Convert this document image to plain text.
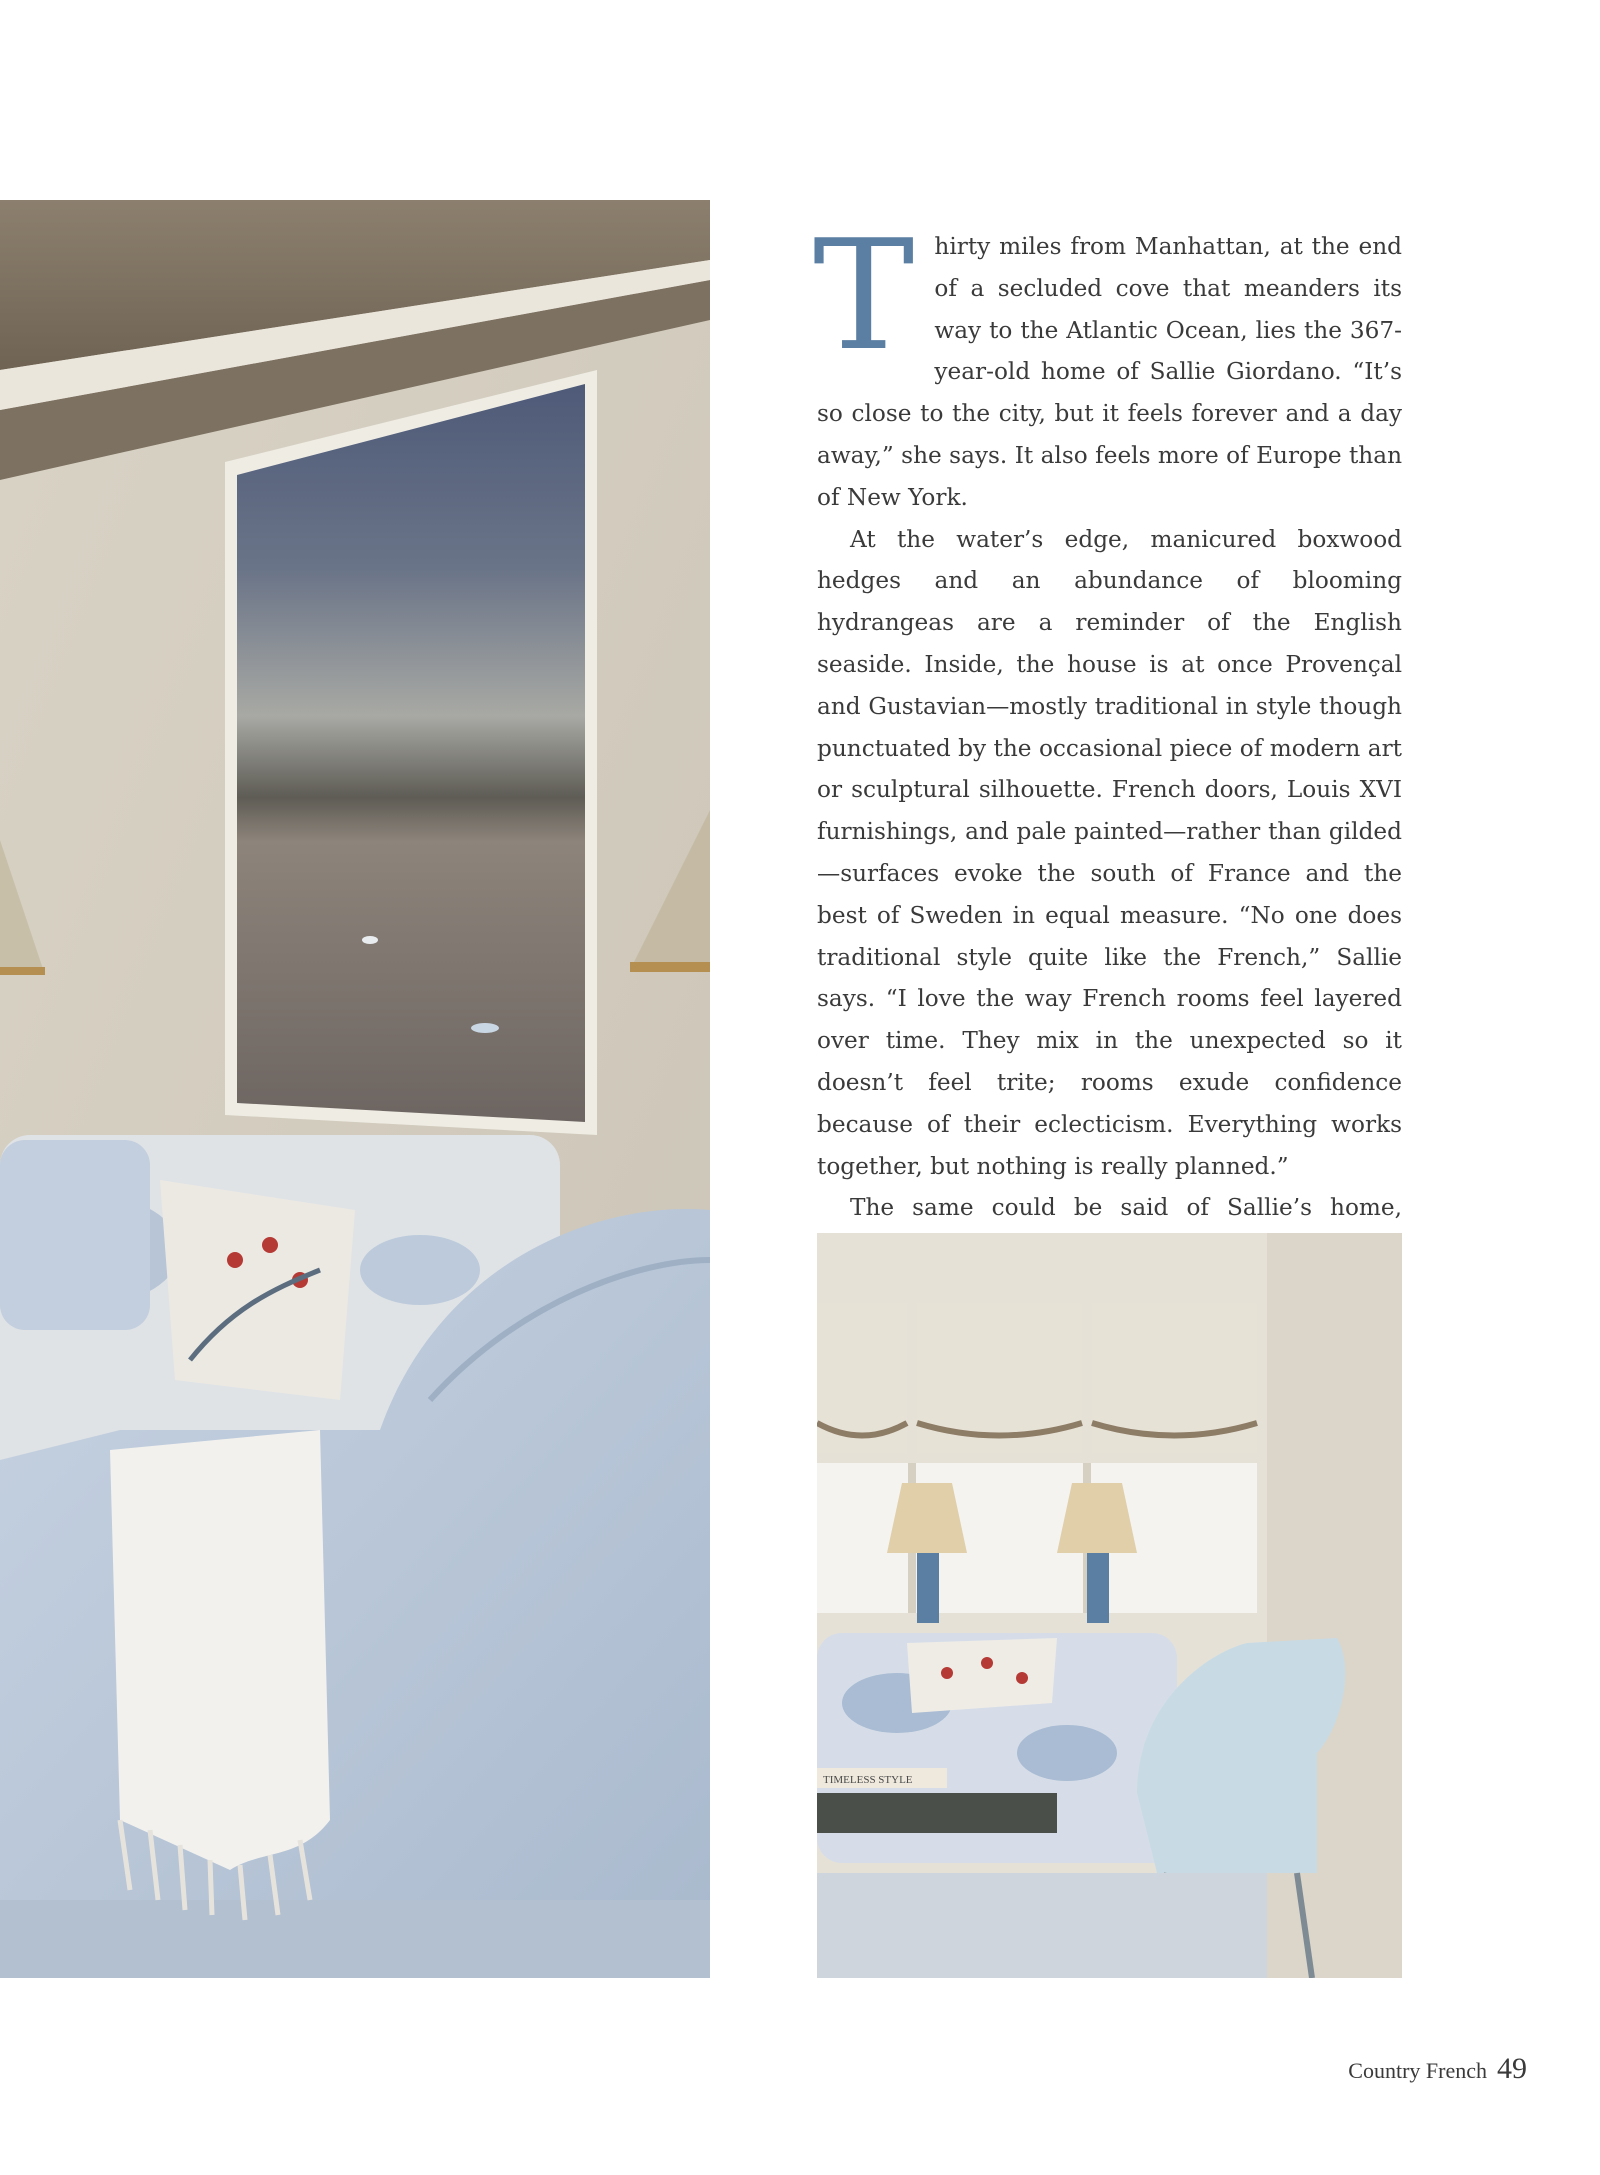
Thirty miles from Manhattan, at the end of a secluded cove that meanders its way to the Atlantic Ocean, lies the 367-year-old home of Sallie Giordano. “It’s so close to the city, but it feels forever and a day away,” she says. It also feels more of Europe than of New York.

At the water’s edge, manicured boxwood hedges and an abundance of blooming hydrangeas are a reminder of the English seaside. Inside, the house is at once Provençal and Gustavian—mostly traditional in style though punctuated by the occasional piece of modern art or sculptural silhouette. French doors, Louis XVI furnishings, and pale painted—rather than gilded—surfaces evoke the south of France and the best of Sweden in equal measure. “No one does traditional style quite like the French,” Sallie says. “I love the way French rooms feel layered over time. They mix in the unexpected so it doesn’t feel trite; rooms exude confidence because of their eclecticism. Everything works together, but nothing is really planned.”

The same could be said of Sallie’s home,

TIMELESS STYLE
Country French 49
